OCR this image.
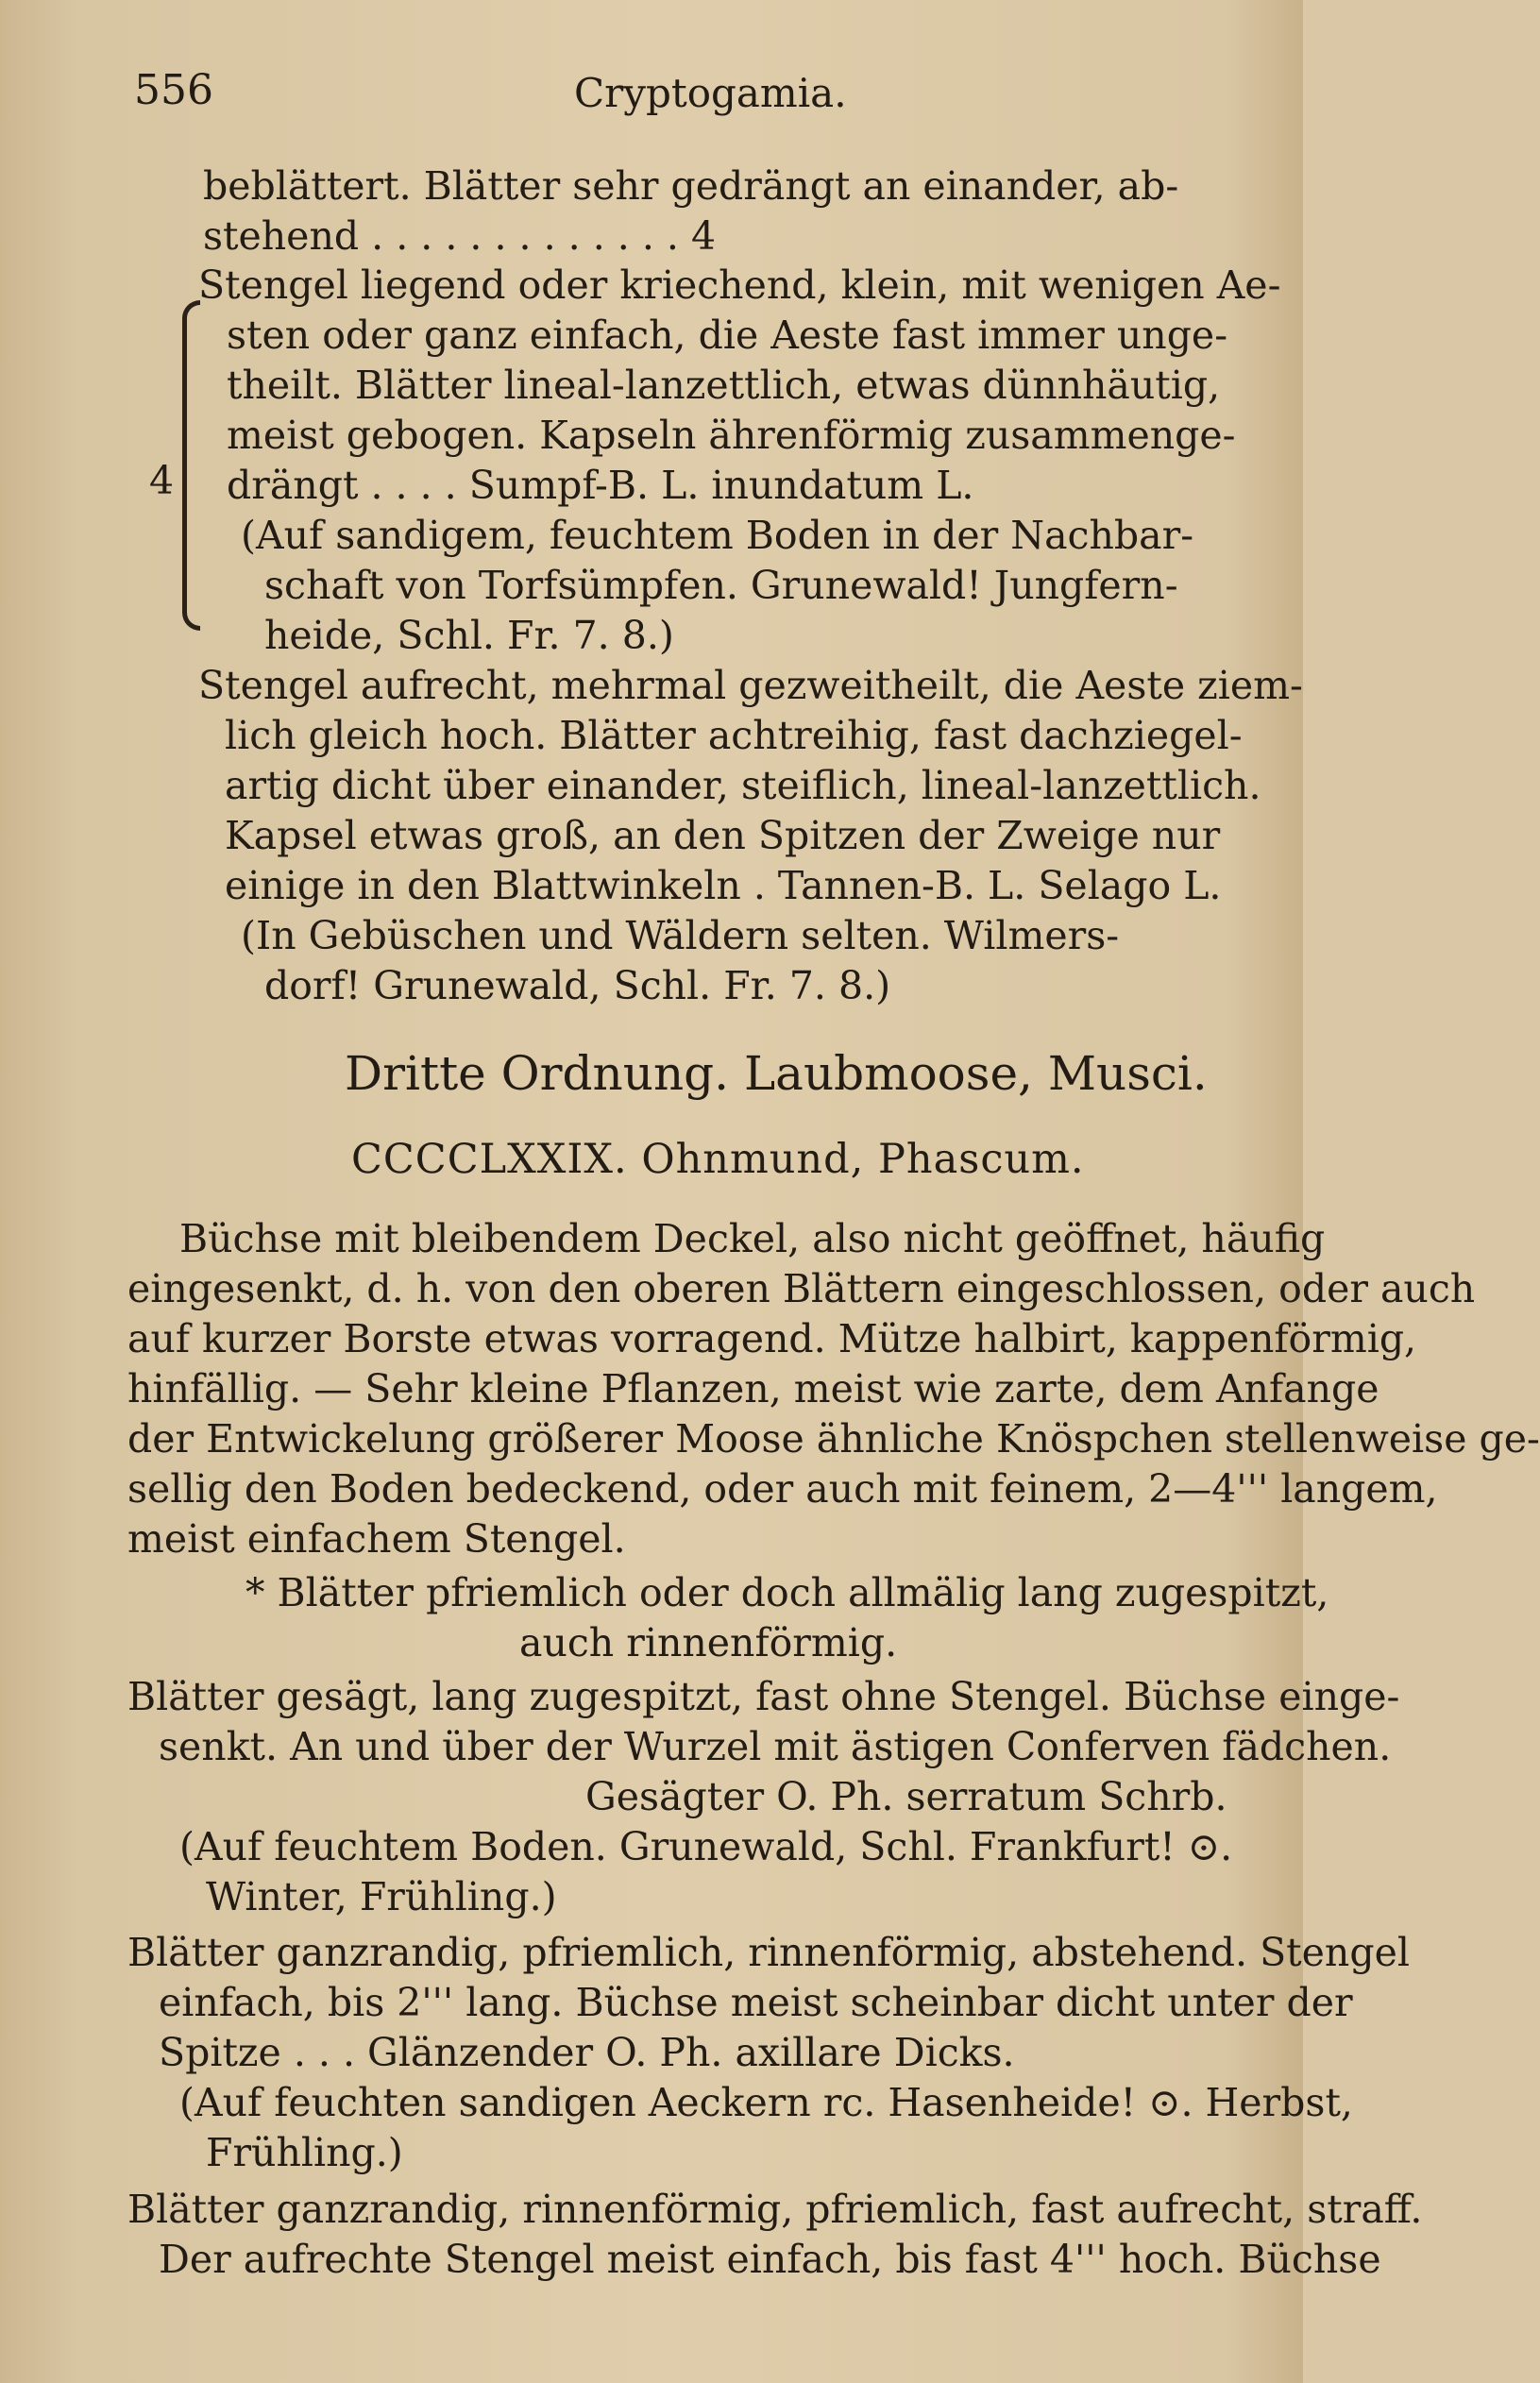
556	Cryptogamia.
4
beblättert. Blätter sehr gedrängt an einander, ab-
stehend . . . . . . . . . . . . . 4
Stengel liegend oder kriechend, klein, mit wenigen Ae-
sten oder ganz einfach, die Aeste fast immer unge-
theilt. Blätter lineal-lanzettlich, etwas dünnhäutig,
meist gebogen. Kapseln ährenförmig zusammenge-
drängt . . . . Sumpf-B. L. inundatum L.
(Auf sandigem, feuchtem Boden in der Nachbar-
schaft von Torfsümpfen. Grunewald! Jungfern-
heide, Schl. Fr. 7. 8.)
Stengel aufrecht, mehrmal gezweitheilt, die Aeste ziem-
lich gleich hoch. Blätter achtreihig, fast dachziegel-
artig dicht über einander, steiflich, lineal-lanzettlich.
Kapsel etwas groß, an den Spitzen der Zweige nur
einige in den Blattwinkeln . Tannen-B. L. Selago L.
(In Gebüschen und Wäldern selten. Wilmers-
dorf! Grunewald, Schl. Fr. 7. 8.)
Dritte Ordnung. Laubmoose, Musci.
CCCCLXXIX. Ohnmund, Phascum.
Büchse mit bleibendem Deckel, also nicht geöffnet, häufig
eingesenkt, d. h. von den oberen Blättern eingeschlossen, oder auch
auf kurzer Borste etwas vorragend. Mütze halbirt, kappenförmig,
hinfällig. — Sehr kleine Pflanzen, meist wie zarte, dem Anfange
der Entwickelung größerer Moose ähnliche Knöspchen stellenweise ge-
sellig den Boden bedeckend, oder auch mit feinem, 2—4''' langem,
meist einfachem Stengel.
* Blätter pfriemlich oder doch allmälig lang zugespitzt,
auch rinnenförmig.
Blätter gesägt, lang zugespitzt, fast ohne Stengel. Büchse einge-
senkt. An und über der Wurzel mit ästigen Conferven fädchen.
Gesägter O. Ph. serratum Schrb.
(Auf feuchtem Boden. Grunewald, Schl. Frankfurt! ⊙.
Winter, Frühling.)
Blätter ganzrandig, pfriemlich, rinnenförmig, abstehend. Stengel
einfach, bis 2''' lang. Büchse meist scheinbar dicht unter der
Spitze . . . Glänzender O. Ph. axillare Dicks.
(Auf feuchten sandigen Aeckern rc. Hasenheide! ⊙. Herbst,
Frühling.)
Blätter ganzrandig, rinnenförmig, pfriemlich, fast aufrecht, straff.
Der aufrechte Stengel meist einfach, bis fast 4''' hoch. Büchse
